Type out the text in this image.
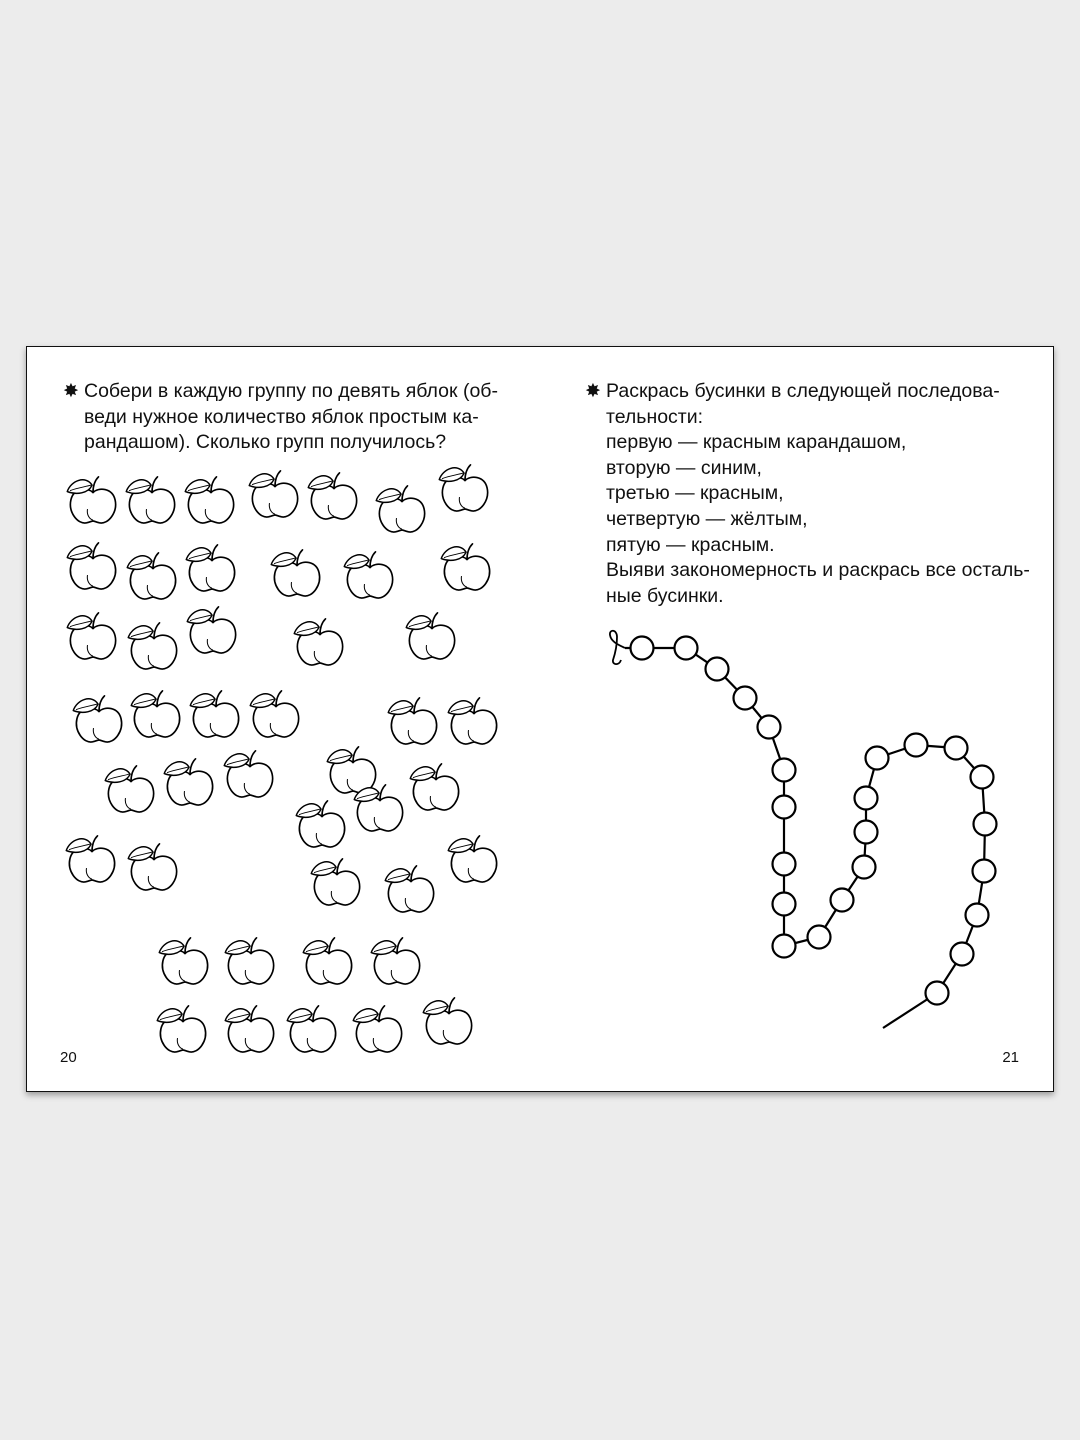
✸ Собери в каждую группу по девять яблок (об-
веди нужное количество яблок простым ка-
рандашом). Сколько групп получилось?
✸ Раскрась бусинки в следующей последова-
тельности:
первую — красным карандашом,
вторую — синим,
третью — красным,
четвертую — жёлтым,
пятую — красным.
Выяви закономерность и раскрась все осталь-
ные бусинки.
20	21
